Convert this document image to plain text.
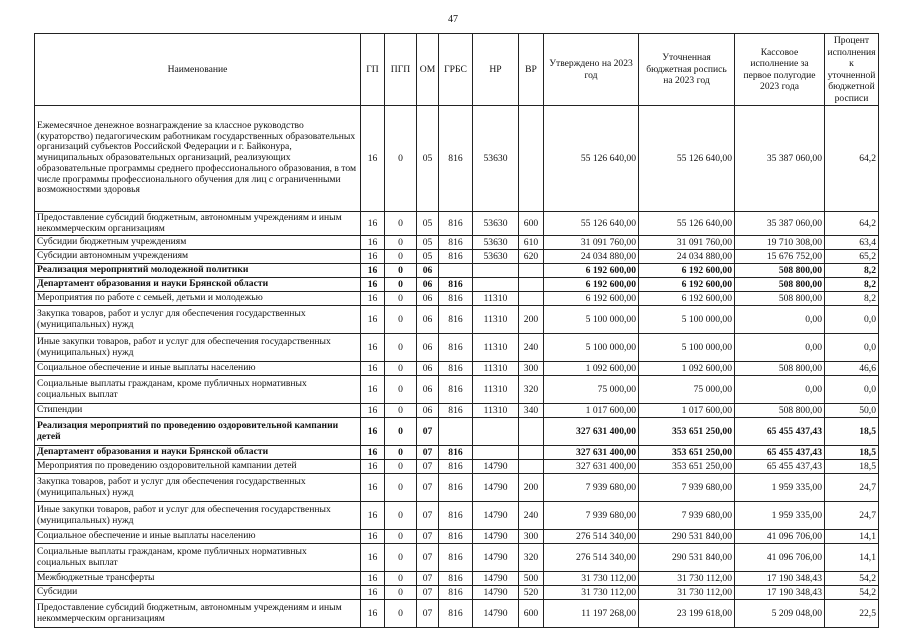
47
Наименование	ГП	ПГП	ОМ	ГРБС	НР	ВР	Утверждено на 2023 год	Уточненная бюджетная роспись на 2023 год	Кассовое исполнение за первое полугодие 2023 года	Процент исполнения к уточненной бюджетной росписи
Ежемесячное денежное вознаграждение за классное руководство (кураторство) педагогическим работникам государственных образовательных организаций субъектов Российской Федерации и г. Байконура, муниципальных образовательных организаций, реализующих образовательные программы среднего профессионального образования, в том числе программы профессионального обучения для лиц с ограниченными возможностями здоровья	16	0	05	816	53630		55 126 640,00	55 126 640,00	35 387 060,00	64,2
Предоставление субсидий бюджетным, автономным учреждениям и иным некоммерческим организациям	16	0	05	816	53630	600	55 126 640,00	55 126 640,00	35 387 060,00	64,2
Субсидии бюджетным учреждениям	16	0	05	816	53630	610	31 091 760,00	31 091 760,00	19 710 308,00	63,4
Субсидии автономным учреждениям	16	0	05	816	53630	620	24 034 880,00	24 034 880,00	15 676 752,00	65,2
Реализация мероприятий молодежной политики	16	0	06				6 192 600,00	6 192 600,00	508 800,00	8,2
Департамент образования и науки Брянской области	16	0	06	816			6 192 600,00	6 192 600,00	508 800,00	8,2
Мероприятия по работе с семьей, детьми и молодежью	16	0	06	816	11310		6 192 600,00	6 192 600,00	508 800,00	8,2
Закупка товаров, работ и услуг для обеспечения государственных (муниципальных) нужд	16	0	06	816	11310	200	5 100 000,00	5 100 000,00	0,00	0,0
Иные закупки товаров, работ и услуг для обеспечения государственных (муниципальных) нужд	16	0	06	816	11310	240	5 100 000,00	5 100 000,00	0,00	0,0
Социальное обеспечение и иные выплаты населению	16	0	06	816	11310	300	1 092 600,00	1 092 600,00	508 800,00	46,6
Социальные выплаты гражданам, кроме публичных нормативных социальных выплат	16	0	06	816	11310	320	75 000,00	75 000,00	0,00	0,0
Стипендии	16	0	06	816	11310	340	1 017 600,00	1 017 600,00	508 800,00	50,0
Реализация мероприятий по проведению оздоровительной кампании детей	16	0	07				327 631 400,00	353 651 250,00	65 455 437,43	18,5
Департамент образования и науки Брянской области	16	0	07	816			327 631 400,00	353 651 250,00	65 455 437,43	18,5
Мероприятия по проведению оздоровительной кампании детей	16	0	07	816	14790		327 631 400,00	353 651 250,00	65 455 437,43	18,5
Закупка товаров, работ и услуг для обеспечения государственных (муниципальных) нужд	16	0	07	816	14790	200	7 939 680,00	7 939 680,00	1 959 335,00	24,7
Иные закупки товаров, работ и услуг для обеспечения государственных (муниципальных) нужд	16	0	07	816	14790	240	7 939 680,00	7 939 680,00	1 959 335,00	24,7
Социальное обеспечение и иные выплаты населению	16	0	07	816	14790	300	276 514 340,00	290 531 840,00	41 096 706,00	14,1
Социальные выплаты гражданам, кроме публичных нормативных социальных выплат	16	0	07	816	14790	320	276 514 340,00	290 531 840,00	41 096 706,00	14,1
Межбюджетные трансферты	16	0	07	816	14790	500	31 730 112,00	31 730 112,00	17 190 348,43	54,2
Субсидии	16	0	07	816	14790	520	31 730 112,00	31 730 112,00	17 190 348,43	54,2
Предоставление субсидий бюджетным, автономным учреждениям и иным некоммерческим организациям	16	0	07	816	14790	600	11 197 268,00	23 199 618,00	5 209 048,00	22,5
